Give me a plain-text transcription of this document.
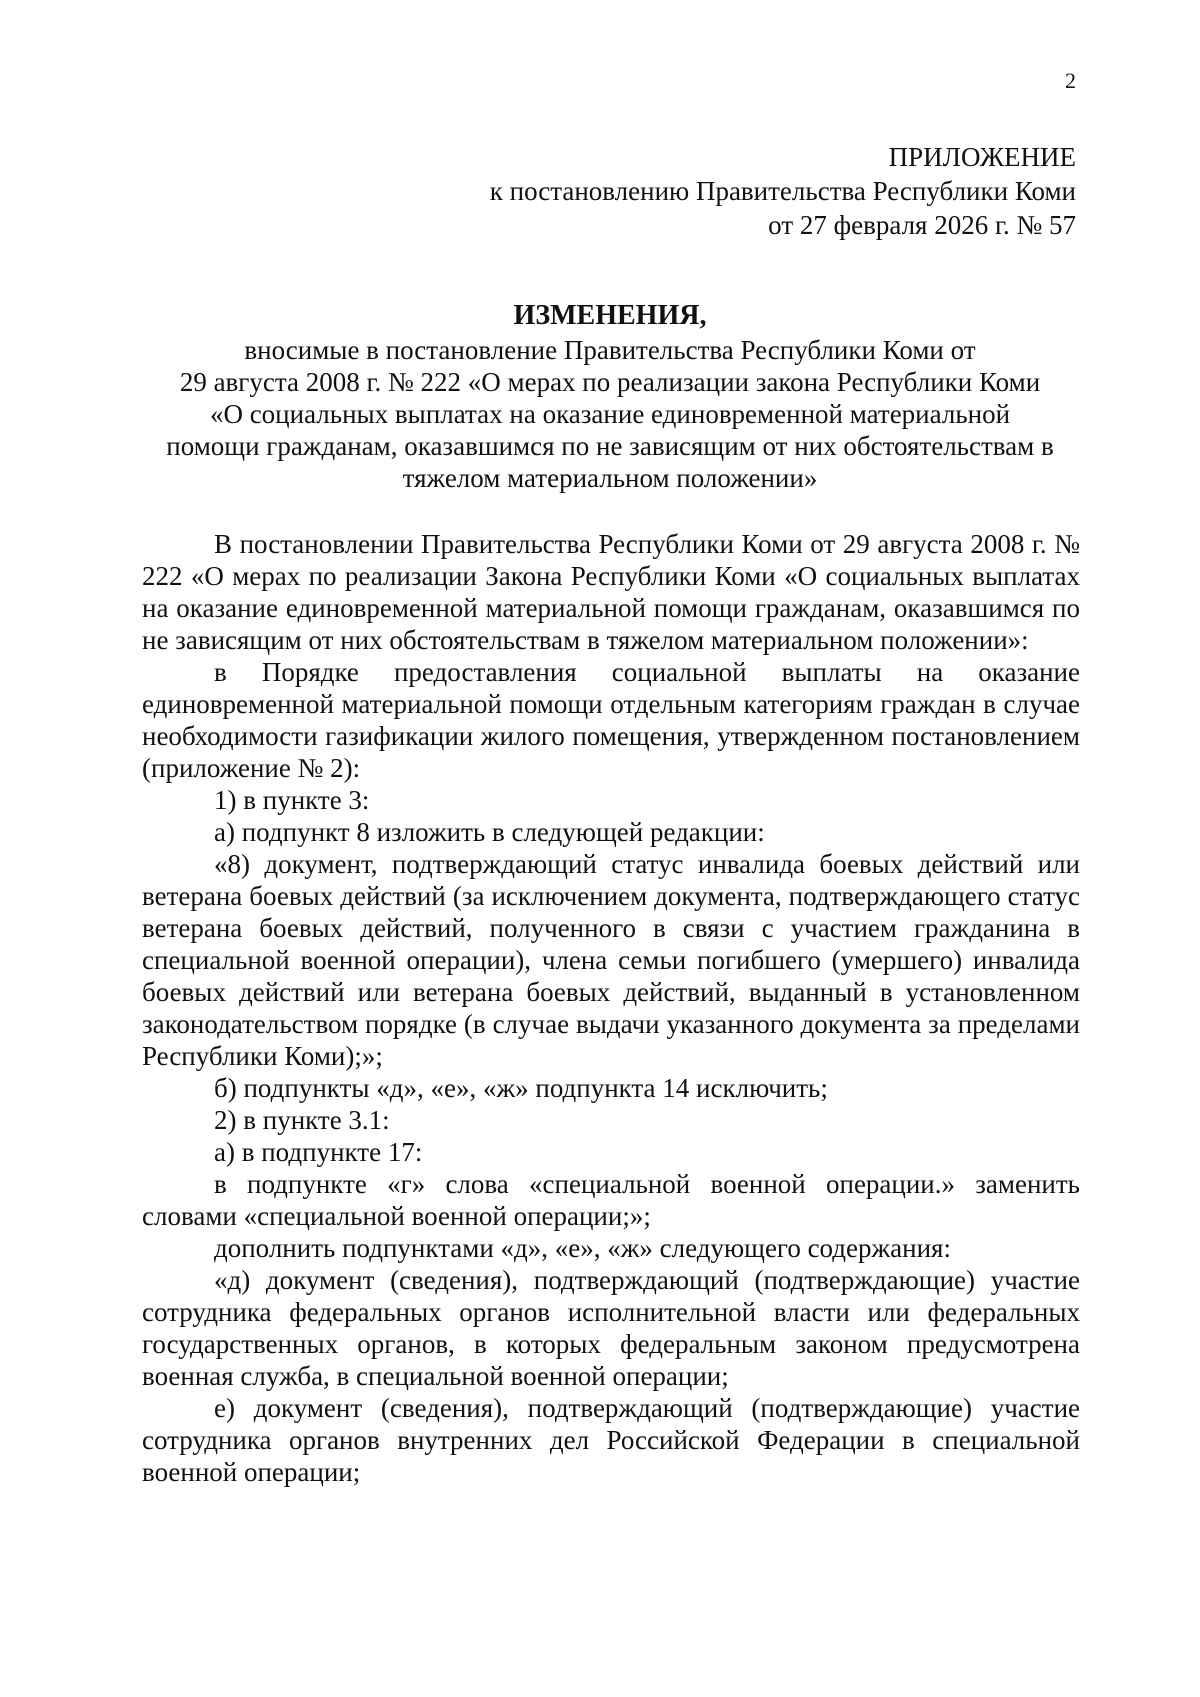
2
ПРИЛОЖЕНИЕ
к постановлению Правительства Республики Коми
от 27 февраля 2026 г. № 57
ИЗМЕНЕНИЯ,
вносимые в постановление Правительства Республики Коми от
29 августа 2008 г. № 222 «О мерах по реализации закона Республики Коми
«О социальных выплатах на оказание единовременной материальной
помощи гражданам, оказавшимся по не зависящим от них обстоятельствам в
тяжелом материальном положении»

В постановлении Правительства Республики Коми от 29 августа 2008 г. № 222 «О мерах по реализации Закона Республики Коми «О социальных выплатах на оказание единовременной материальной помощи гражданам, оказавшимся по не зависящим от них обстоятельствам в тяжелом материальном положении»:

в Порядке предоставления социальной выплаты на оказание единовременной материальной помощи отдельным категориям граждан в случае необходимости газификации жилого помещения, утвержденном постановлением (приложение № 2):

1) в пункте 3:

а) подпункт 8 изложить в следующей редакции:

«8) документ, подтверждающий статус инвалида боевых действий или ветерана боевых действий (за исключением документа, подтверждающего статус ветерана боевых действий, полученного в связи с участием гражданина в специальной военной операции), члена семьи погибшего (умершего) инвалида боевых действий или ветерана боевых действий, выданный в установленном законодательством порядке (в случае выдачи указанного документа за пределами Республики Коми);»;

б) подпункты «д», «е», «ж» подпункта 14 исключить;

2) в пункте 3.1:

а) в подпункте 17:

в подпункте «г» слова «специальной военной операции.» заменить словами «специальной военной операции;»;

дополнить подпунктами «д», «е», «ж» следующего содержания:

«д) документ (сведения), подтверждающий (подтверждающие) участие сотрудника федеральных органов исполнительной власти или федеральных государственных органов, в которых федеральным законом предусмотрена военная служба, в специальной военной операции;

е) документ (сведения), подтверждающий (подтверждающие) участие сотрудника органов внутренних дел Российской Федерации в специальной военной операции;
